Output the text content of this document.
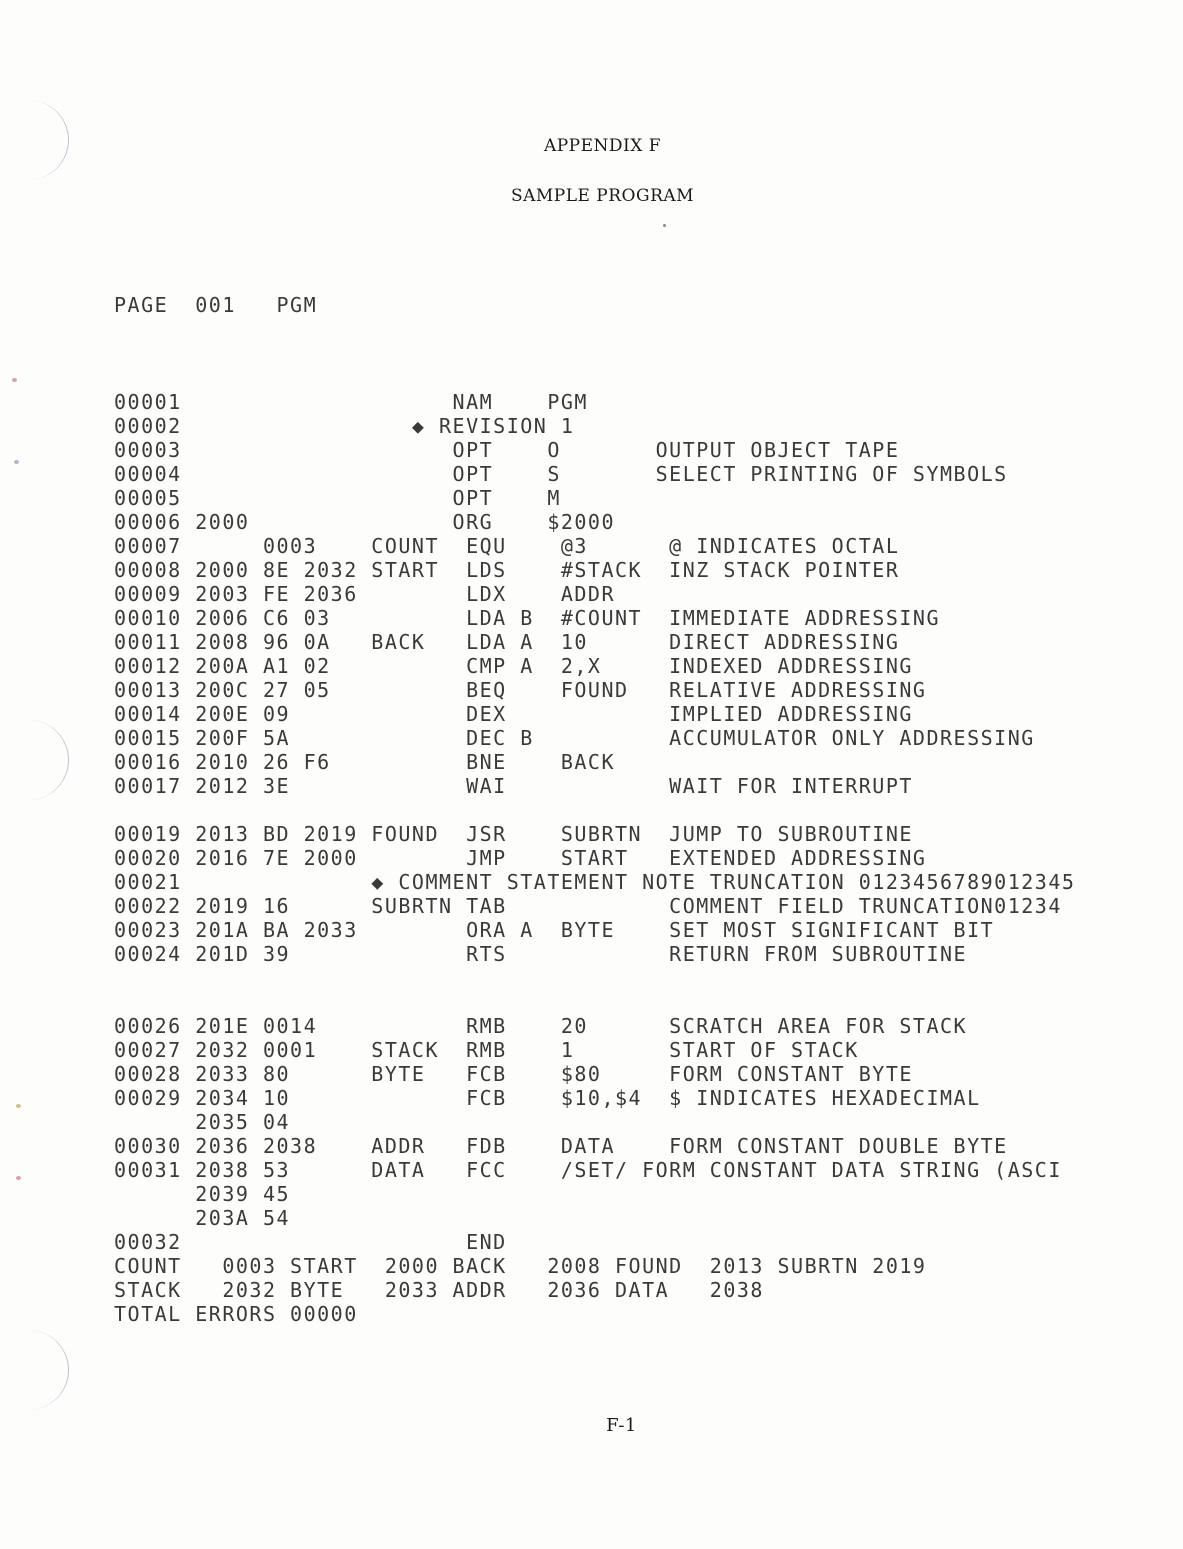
APPENDIX F
SAMPLE PROGRAM
PAGE  001   PGM
00001                    NAM    PGM
00002                 ◆ REVISION 1
00003                    OPT    O       OUTPUT OBJECT TAPE
00004                    OPT    S       SELECT PRINTING OF SYMBOLS
00005                    OPT    M
00006 2000               ORG    $2000
00007      0003    COUNT  EQU    @3      @ INDICATES OCTAL
00008 2000 8E 2032 START  LDS    #STACK  INZ STACK POINTER
00009 2003 FE 2036        LDX    ADDR
00010 2006 C6 03          LDA B  #COUNT  IMMEDIATE ADDRESSING
00011 2008 96 0A   BACK   LDA A  10      DIRECT ADDRESSING
00012 200A A1 02          CMP A  2,X     INDEXED ADDRESSING
00013 200C 27 05          BEQ    FOUND   RELATIVE ADDRESSING
00014 200E 09             DEX            IMPLIED ADDRESSING
00015 200F 5A             DEC B          ACCUMULATOR ONLY ADDRESSING
00016 2010 26 F6          BNE    BACK
00017 2012 3E             WAI            WAIT FOR INTERRUPT
00019 2013 BD 2019 FOUND  JSR    SUBRTN  JUMP TO SUBROUTINE
00020 2016 7E 2000        JMP    START   EXTENDED ADDRESSING
00021              ◆ COMMENT STATEMENT NOTE TRUNCATION 0123456789012345
00022 2019 16      SUBRTN TAB            COMMENT FIELD TRUNCATION01234
00023 201A BA 2033        ORA A  BYTE    SET MOST SIGNIFICANT BIT
00024 201D 39             RTS            RETURN FROM SUBROUTINE
00026 201E 0014           RMB    20      SCRATCH AREA FOR STACK
00027 2032 0001    STACK  RMB    1       START OF STACK
00028 2033 80      BYTE   FCB    $80     FORM CONSTANT BYTE
00029 2034 10             FCB    $10,$4  $ INDICATES HEXADECIMAL
2035 04
00030 2036 2038    ADDR   FDB    DATA    FORM CONSTANT DOUBLE BYTE
00031 2038 53      DATA   FCC    /SET/ FORM CONSTANT DATA STRING (ASCI
2039 45
203A 54
00032                     END
COUNT   0003 START  2000 BACK   2008 FOUND  2013 SUBRTN 2019
STACK   2032 BYTE   2033 ADDR   2036 DATA   2038
TOTAL ERRORS 00000
F-1
